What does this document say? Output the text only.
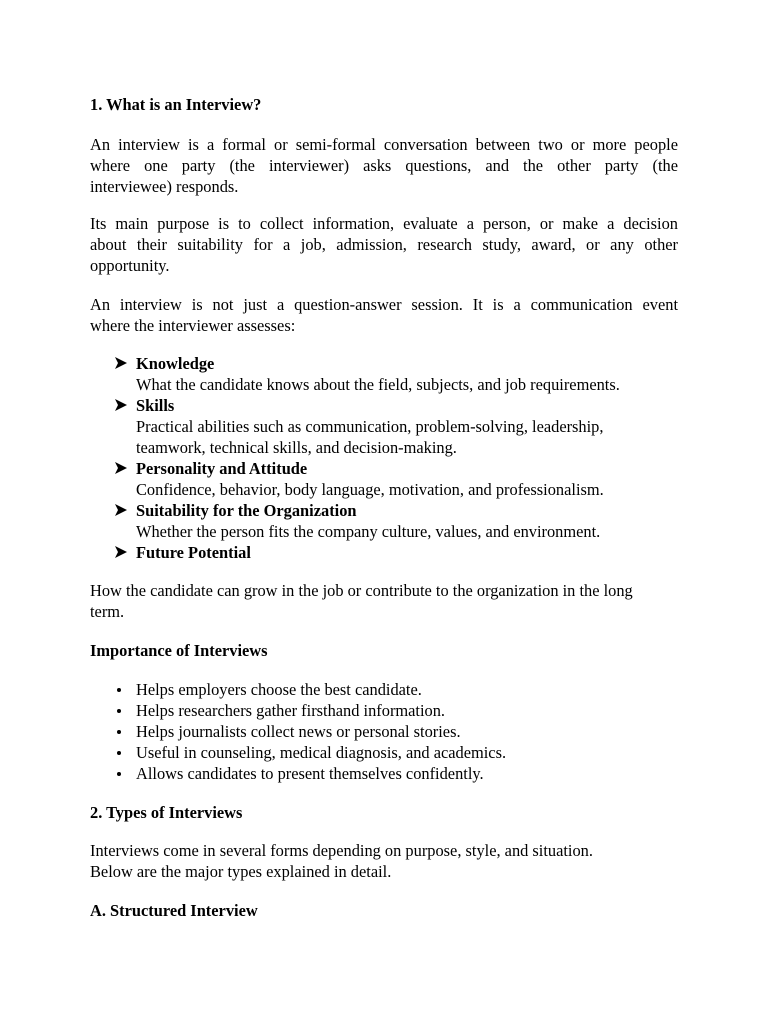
1. What is an Interview?

An interview is a formal or semi-formal conversation between two or more people
where one party (the interviewer) asks questions, and the other party (the
interviewee) responds.
Its main purpose is to collect information, evaluate a person, or make a decision
about their suitability for a job, admission, research study, award, or any other
opportunity.
An interview is not just a question-answer session. It is a communication event
where the interviewer assesses:
Knowledge
What the candidate knows about the field, subjects, and job requirements.
Skills
Practical abilities such as communication, problem-solving, leadership,
teamwork, technical skills, and decision-making.
Personality and Attitude
Confidence, behavior, body language, motivation, and professionalism.
Suitability for the Organization
Whether the person fits the company culture, values, and environment.
Future Potential
How the candidate can grow in the job or contribute to the organization in the long
term.

Importance of Interviews

Helps employers choose the best candidate.
Helps researchers gather firsthand information.
Helps journalists collect news or personal stories.
Useful in counseling, medical diagnosis, and academics.
Allows candidates to present themselves confidently.

2. Types of Interviews

Interviews come in several forms depending on purpose, style, and situation.
Below are the major types explained in detail.

A. Structured Interview
